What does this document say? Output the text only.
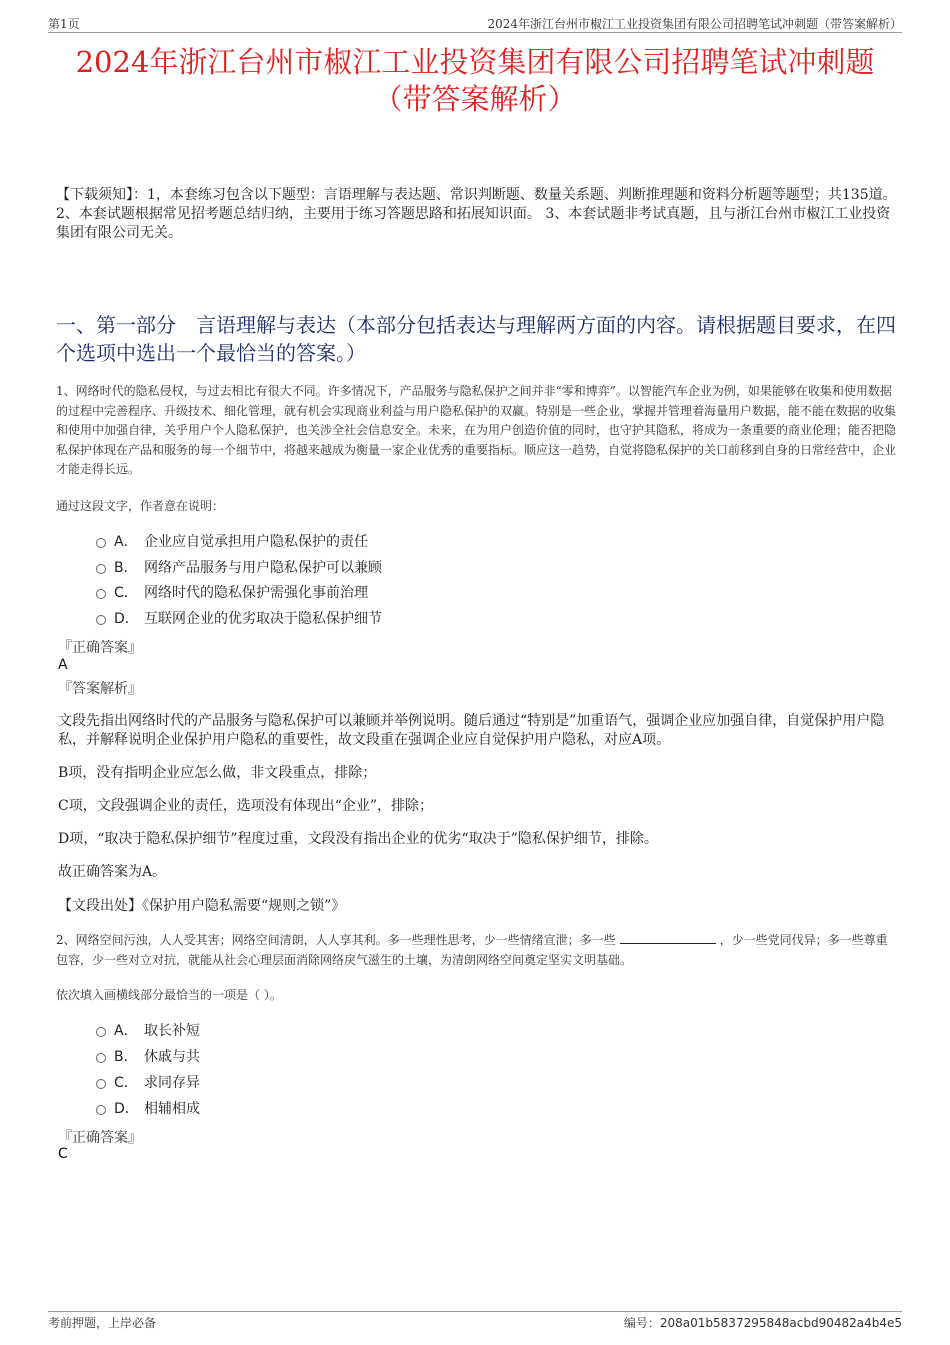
第1页	2024年浙江台州市椒江工业投资集团有限公司招聘笔试冲刺题（带答案解析）
2024年浙江台州市椒江工业投资集团有限公司招聘笔试冲刺题
（带答案解析）
【下载须知】：1，本套练习包含以下题型：言语理解与表达题、常识判断题、数量关系题、判断推理题和资料分析题等题型；共135道。 2、本套试题根据常见招考题总结归纳，主要用于练习答题思路和拓展知识面。 3、本套试题非考试真题，且与浙江台州市椒江工业投资集团有限公司无关。
一、第一部分　言语理解与表达（本部分包括表达与理解两方面的内容。请根据题目要求，在四个选项中选出一个最恰当的答案。）
1、网络时代的隐私侵权，与过去相比有很大不同。许多情况下，产品服务与隐私保护之间并非“零和博弈”。以智能汽车企业为例，如果能够在收集和使用数据的过程中完善程序、升级技术、细化管理，就有机会实现商业利益与用户隐私保护的双赢。特别是一些企业，掌握并管理着海量用户数据，能不能在数据的收集和使用中加强自律，关乎用户个人隐私保护，也关涉全社会信息安全。未来，在为用户创造价值的同时，也守护其隐私，将成为一条重要的商业伦理；能否把隐私保护体现在产品和服务的每一个细节中，将越来越成为衡量一家企业优秀的重要指标。顺应这一趋势，自觉将隐私保护的关口前移到自身的日常经营中，企业才能走得长远。
通过这段文字，作者意在说明：
A． 企业应自觉承担用户隐私保护的责任
B． 网络产品服务与用户隐私保护可以兼顾
C． 网络时代的隐私保护需强化事前治理
D． 互联网企业的优劣取决于隐私保护细节
『正确答案』
A
『答案解析』
文段先指出网络时代的产品服务与隐私保护可以兼顾并举例说明。随后通过“特别是”加重语气，强调企业应加强自律，自觉保护用户隐私，并解释说明企业保护用户隐私的重要性，故文段重在强调企业应自觉保护用户隐私，对应A项。
B项，没有指明企业应怎么做，非文段重点，排除；
C项，文段强调企业的责任，选项没有体现出“企业”，排除；
D项，“取决于隐私保护细节”程度过重，文段没有指出企业的优劣“取决于”隐私保护细节，排除。
故正确答案为A。
【文段出处】《保护用户隐私需要“规则之锁”》
2、网络空间污浊，人人受其害；网络空间清朗，人人享其利。多一些理性思考，少一些情绪宣泄；多一些	，少一些党同伐异；多一些尊重包容，少一些对立对抗，就能从社会心理层面消除网络戾气滋生的土壤，为清朗网络空间奠定坚实文明基础。
依次填入画横线部分最恰当的一项是（ ）。
A． 取长补短
B． 休戚与共
C． 求同存异
D． 相辅相成
『正确答案』
C
考前押题，上岸必备	编号：208a01b5837295848acbd90482a4b4e5
